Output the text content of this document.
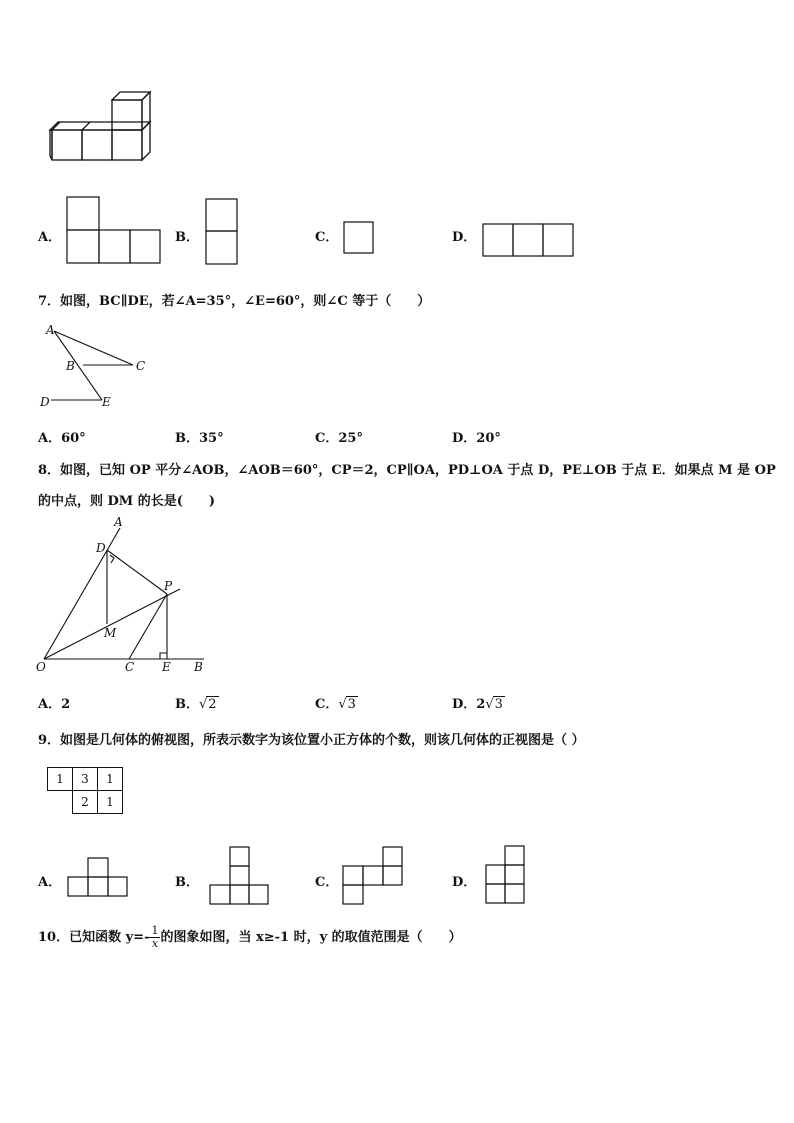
A．	B．	C．	D．
7．如图，BC∥DE，若∠A=35°，∠E=60°，则∠C 等于（　　）
A
B	C
D	E
A．60°	B．35°	C．25°	D．20°
8．如图，已知 OP 平分∠AOB，∠AOB＝60°，CP＝2，CP∥OA，PD⊥OA 于点 D，PE⊥OB 于点 E．如果点 M 是 OP
的中点，则 DM 的长是(　　)
A
D
P
M
O	C E B
A．2	B．√2	C．√3	D．2√3
9．如图是几何体的俯视图，所表示数字为该位置小正方体的个数，则该几何体的正视图是（ ）
1	3	1
	2	1
A．	B．	C．	D．
10．已知函数 $y=- \frac{1}{x}$ 的图象如图，当 x≥-1 时，y 的取值范围是（　　）
